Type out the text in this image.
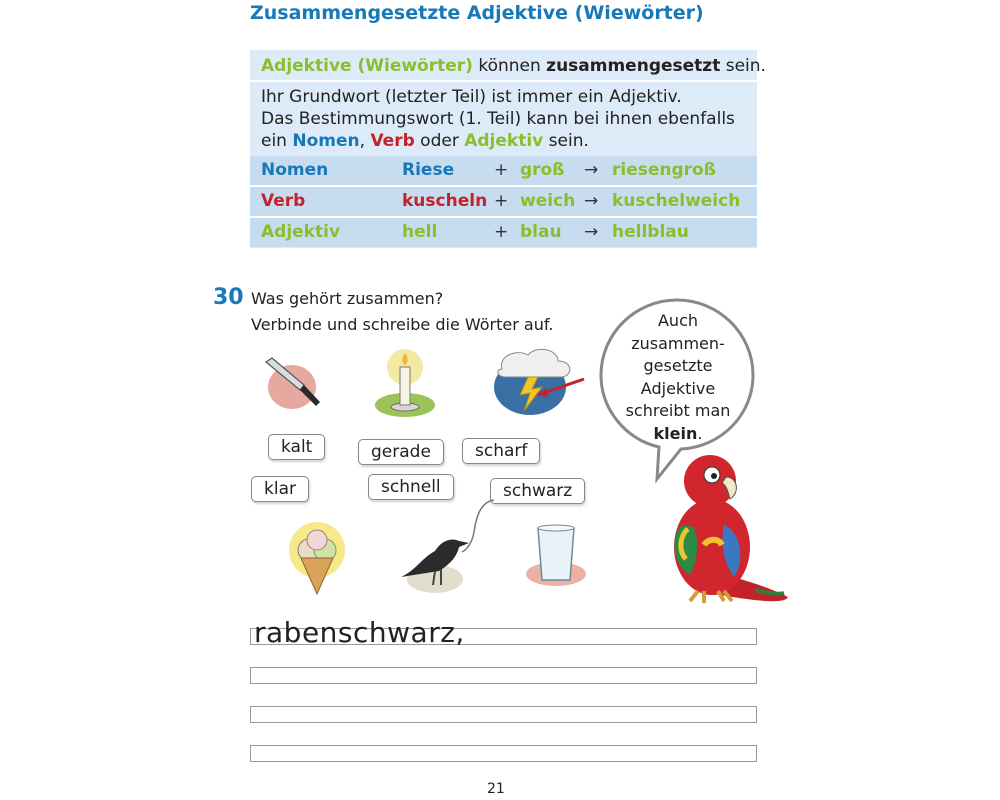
Zusammengesetzte Adjektive (Wiewörter)
Adjektive (Wiewörter) können zusammengesetzt sein.
Ihr Grundwort (letzter Teil) ist immer ein Adjektiv.
Das Bestimmungswort (1. Teil) kann bei ihnen ebenfalls
ein Nomen, Verb oder Adjektiv sein.
Nomen	Riese + groß → riesengroß
Verb	kuscheln + weich → kuschelweich
Adjektiv	hell	+ blau → hellblau
30 Was gehört zusammen?
Verbinde und schreibe die Wörter auf.
kalt	gerade	scharf
klar	schnell	schwarz
Auch
zusammen-
gesetzte
Adjektive
schreibt man
klein.
rabenschwarz,
21
